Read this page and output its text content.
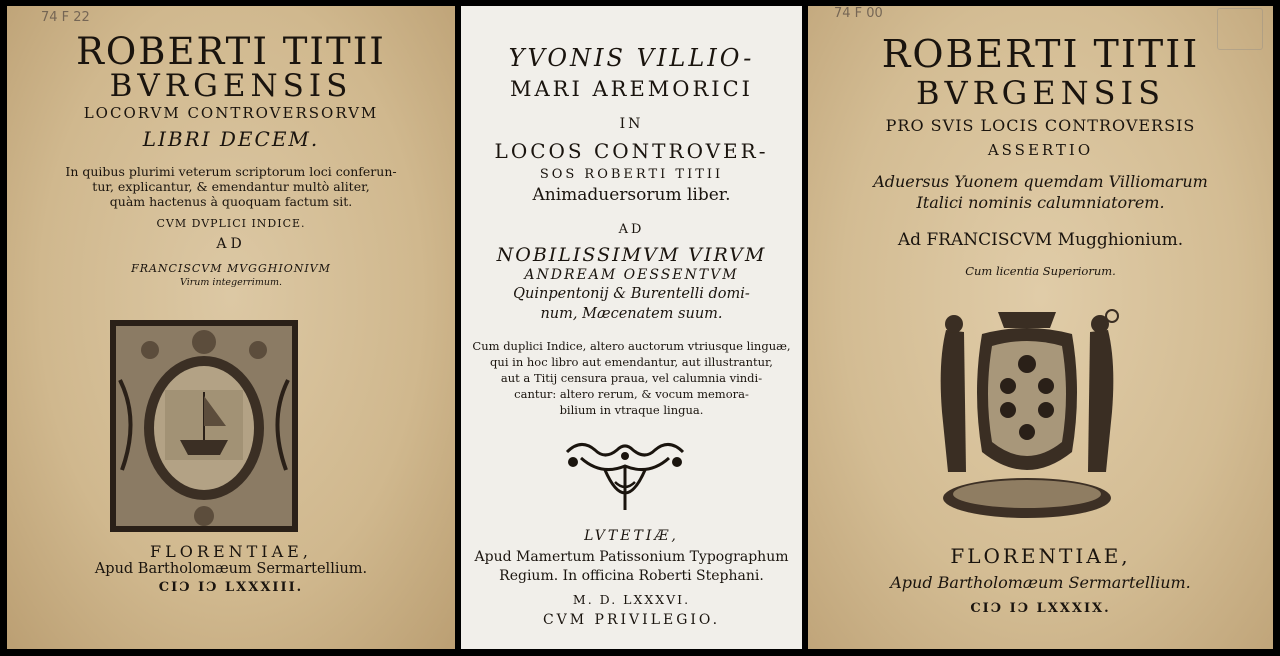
74 F 22
ROBERTI TITII
BVRGENSIS
LOCORVM CONTROVERSORVM
LIBRI DECEM.
In quibus plurimi veterum scriptorum loci conferun-
tur, explicantur, & emendantur multò aliter,
quàm hactenus à quoquam factum sit.
CVM DVPLICI INDICE.
AD
FRANCISCVM MVGGHIONIVM
Virum integerrimum.
FLORENTIAE,
Apud Bartholomæum Sermartellium.
CIƆ IƆ LXXXIII.
YVONIS VILLIO-
MARI AREMORICI
IN
LOCOS CONTROVER-
SOS ROBERTI TITII
Animaduersorum liber.
AD
NOBILISSIMVM VIRVM
ANDREAM OESSENTVM
Quinpentonij & Burentelli domi-
num, Mæcenatem suum.
Cum duplici Indice, altero auctorum vtriusque linguæ,
qui in hoc libro aut emendantur, aut illustrantur,
aut a Titij censura praua, vel calumnia vindi-
cantur: altero rerum, & vocum memora-
bilium in vtraque lingua.
LVTETIÆ,
Apud Mamertum Patissonium Typographum
Regium. In officina Roberti Stephani.
M. D. LXXXVI.
CVM PRIVILEGIO.
74 F 00
ROBERTI TITII
BVRGENSIS
PRO SVIS LOCIS CONTROVERSIS
ASSERTIO
Aduersus Yuonem quemdam Villiomarum
Italici nominis calumniatorem.
Ad FRANCISCVM Mugghionium.
Cum licentia Superiorum.
FLORENTIAE,
Apud Bartholomæum Sermartellium.
CIƆ IƆ LXXXIX.
